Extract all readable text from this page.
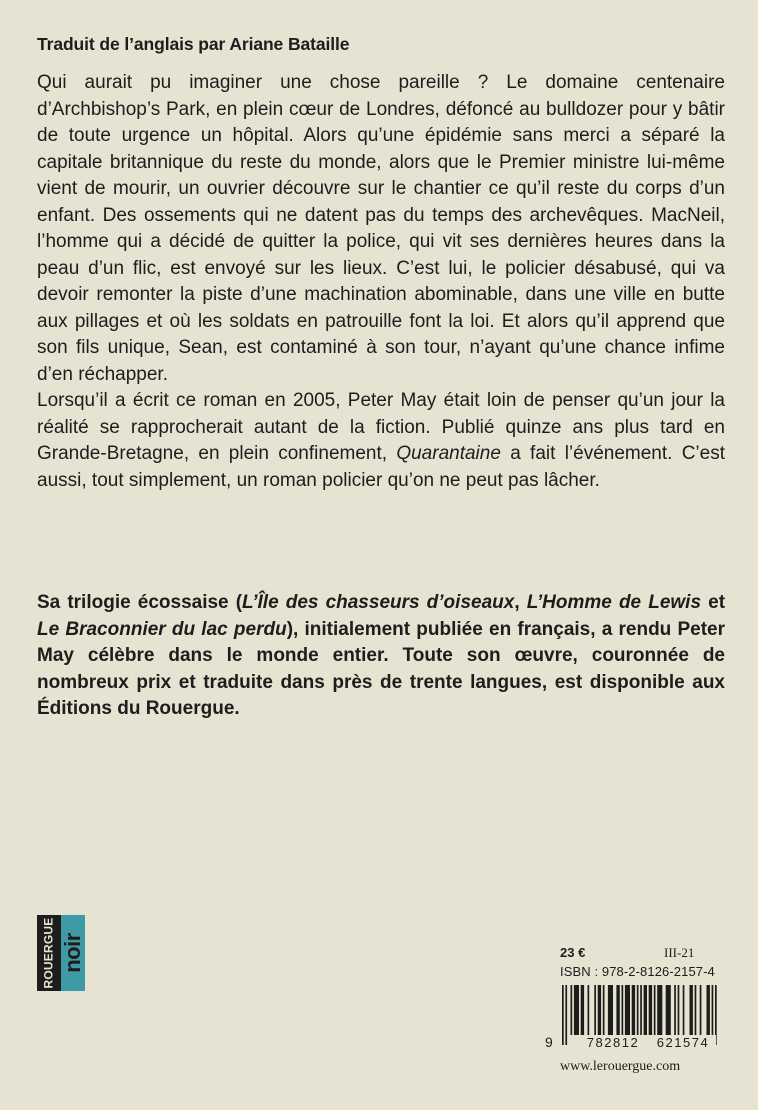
Traduit de l’anglais par Ariane Bataille

Qui aurait pu imaginer une chose pareille ? Le domaine centenaire d’Archbishop’s Park, en plein cœur de Londres, défoncé au bulldozer pour y bâtir de toute urgence un hôpital. Alors qu’une épidémie sans merci a séparé la capitale britannique du reste du monde, alors que le Premier ministre lui-même vient de mourir, un ouvrier découvre sur le chantier ce qu’il reste du corps d’un enfant. Des ossements qui ne datent pas du temps des archevêques. MacNeil, l’homme qui a décidé de quitter la police, qui vit ses dernières heures dans la peau d’un flic, est envoyé sur les lieux. C’est lui, le policier désabusé, qui va devoir remonter la piste d’une machination abominable, dans une ville en butte aux pillages et où les soldats en patrouille font la loi. Et alors qu’il apprend que son fils unique, Sean, est contaminé à son tour, n’ayant qu’une chance infime d’en réchapper.

Lorsqu’il a écrit ce roman en 2005, Peter May était loin de penser qu’un jour la réalité se rapprocherait autant de la fiction. Publié quinze ans plus tard en Grande-Bretagne, en plein confinement, Quarantaine a fait l’événement. C’est aussi, tout simplement, un roman policier qu’on ne peut pas lâcher.

Sa trilogie écossaise (L’Île des chasseurs d’oiseaux, L’Homme de Lewis et Le Braconnier du lac perdu), initialement publiée en français, a rendu Peter May célèbre dans le monde entier. Toute son œuvre, couronnée de nombreux prix et traduite dans près de trente langues, est disponible aux Éditions du Rouergue.

ROUERGUE noir	23 €	III-21
ISBN : 978-2-8126-2157-4
782812 621574
9
www.lerouergue.com
